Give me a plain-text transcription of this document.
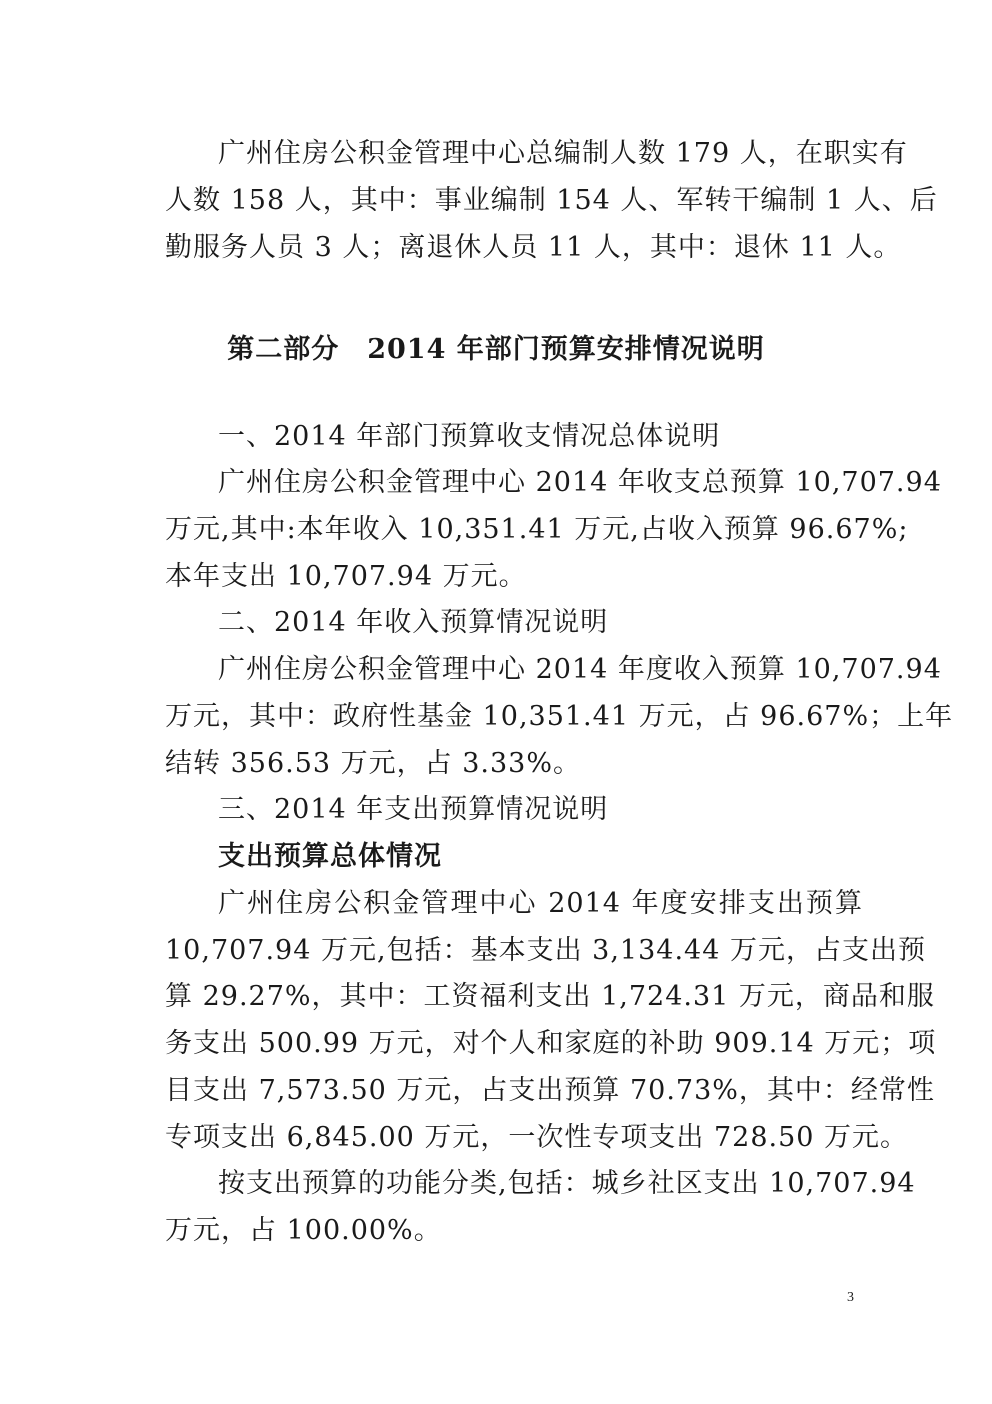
广州住房公积金管理中心总编制人数 179 人，在职实有
人数 158 人，其中：事业编制 154 人、军转干编制 1 人、后
勤服务人员 3 人；离退休人员 11 人，其中：退休 11 人。
第二部分　2014 年部门预算安排情况说明
一、2014 年部门预算收支情况总体说明
广州住房公积金管理中心 2014 年收支总预算 10,707.94
万元,其中:本年收入 10,351.41 万元,占收入预算 96.67%;
本年支出 10,707.94 万元。
二、2014 年收入预算情况说明
广州住房公积金管理中心 2014 年度收入预算 10,707.94
万元，其中：政府性基金 10,351.41 万元，占 96.67%；上年
结转 356.53 万元，占 3.33%。
三、2014 年支出预算情况说明
支出预算总体情况
广州住房公积金管理中心 2014 年度安排支出预算
10,707.94 万元,包括：基本支出 3,134.44 万元，占支出预
算 29.27%，其中：工资福利支出 1,724.31 万元，商品和服
务支出 500.99 万元，对个人和家庭的补助 909.14 万元；项
目支出 7,573.50 万元，占支出预算 70.73%，其中：经常性
专项支出 6,845.00 万元，一次性专项支出 728.50 万元。
按支出预算的功能分类,包括：城乡社区支出 10,707.94
万元，占 100.00%。
3
